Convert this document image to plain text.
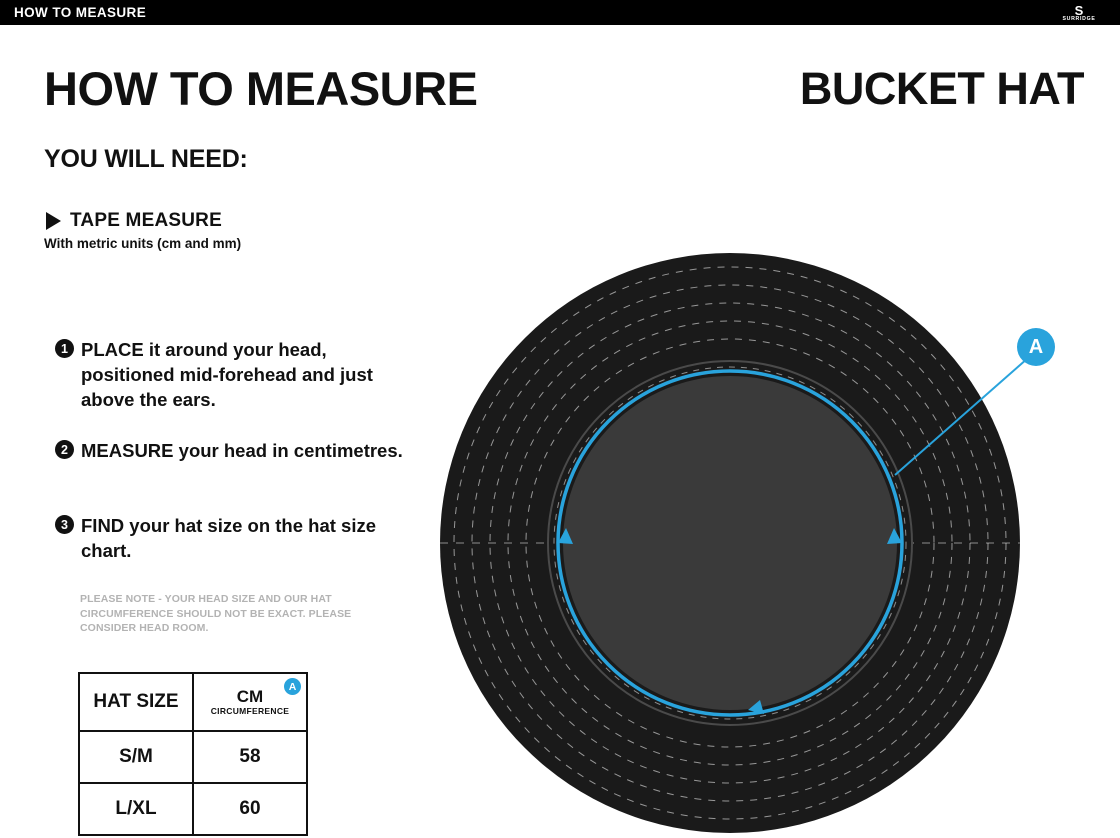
HOW TO MEASURE	S
SURRIDGE
HOW TO MEASURE	BUCKET HAT
YOU WILL NEED:
TAPE MEASURE
With metric units (cm and mm)
1 PLACE it around your head, positioned mid-forehead and just above the ears.
2 MEASURE your head in centimetres.
3 FIND your hat size on the hat size chart.
PLEASE NOTE - YOUR HEAD SIZE AND OUR HAT CIRCUMFERENCE SHOULD NOT BE EXACT. PLEASE CONSIDER HEAD ROOM.
HAT SIZE	CM
CIRCUMFERENCE
A

S/M	58
L/XL	60
A
